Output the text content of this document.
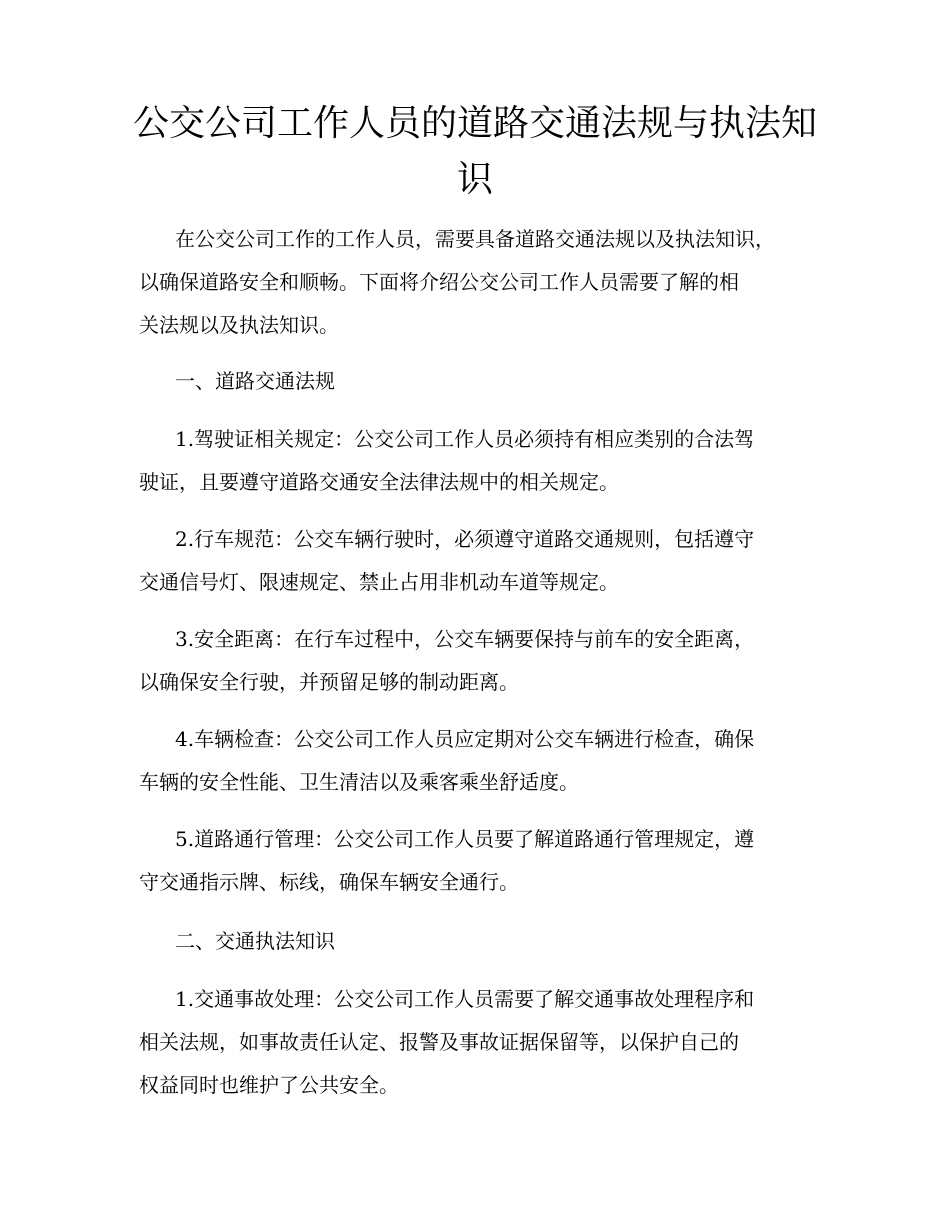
公交公司工作人员的道路交通法规与执法知
识
在公交公司工作的工作人员，需要具备道路交通法规以及执法知识，
以确保道路安全和顺畅。下面将介绍公交公司工作人员需要了解的相
关法规以及执法知识。
一、道路交通法规
1.驾驶证相关规定：公交公司工作人员必须持有相应类别的合法驾
驶证，且要遵守道路交通安全法律法规中的相关规定。
2.行车规范：公交车辆行驶时，必须遵守道路交通规则，包括遵守
交通信号灯、限速规定、禁止占用非机动车道等规定。
3.安全距离：在行车过程中，公交车辆要保持与前车的安全距离，
以确保安全行驶，并预留足够的制动距离。
4.车辆检查：公交公司工作人员应定期对公交车辆进行检查，确保
车辆的安全性能、卫生清洁以及乘客乘坐舒适度。
5.道路通行管理：公交公司工作人员要了解道路通行管理规定，遵
守交通指示牌、标线，确保车辆安全通行。
二、交通执法知识
1.交通事故处理：公交公司工作人员需要了解交通事故处理程序和
相关法规，如事故责任认定、报警及事故证据保留等，以保护自己的
权益同时也维护了公共安全。
